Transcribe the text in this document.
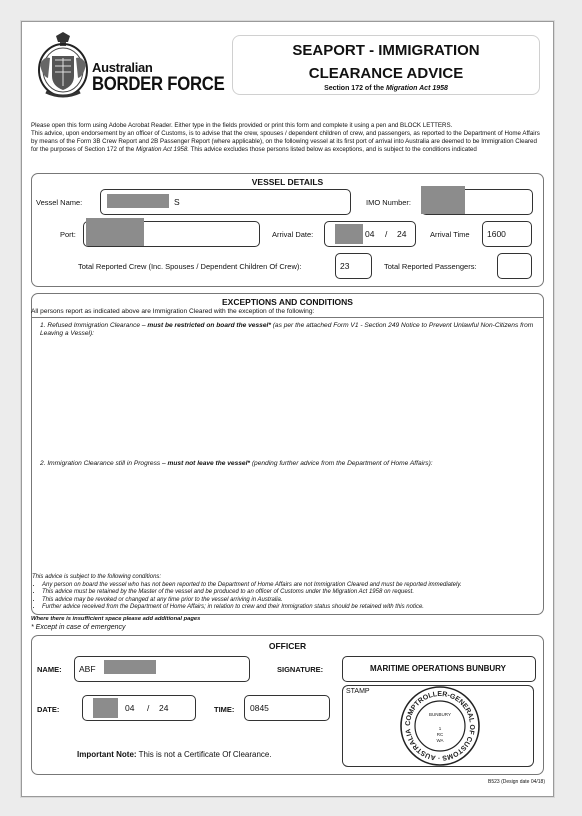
Australian
BORDER FORCE
SEAPORT - IMMIGRATION
CLEARANCE ADVICE
Section 172 of the Migration Act 1958
Please open this form using Adobe Acrobat Reader. Either type in the fields provided or print this form and complete it using a pen and BLOCK LETTERS.
This advice, upon endorsement by an officer of Customs, is to advise that the crew, spouses / dependent children of crew, and passengers, as reported to the Department of Home Affairs by means of the Form 3B Crew Report and 2B Passenger Report (where applicable), on the following vessel at its first port of arrival into Australia are deemed to be Immigration Cleared for the purposes of Section 172 of the Migration Act 1958. This advice excludes those persons listed below as exceptions, and is subject to the conditions indicated
VESSEL DETAILS
Vessel Name:	S	IMO Number:
Port:	Arrival Date:	04 / 24	Arrival Time 1600
Total Reported Crew (Inc. Spouses / Dependent Children Of Crew):	23	Total Reported Passengers:
EXCEPTIONS AND CONDITIONS
All persons report as indicated above are Immigration Cleared with the exception of the following:
1. Refused Immigration Clearance – must be restricted on board the vessel* (as per the attached Form V1 - Section 249 Notice to Prevent Unlawful Non-Citizens from Leaving a Vessel):
2. Immigration Clearance still in Progress – must not leave the vessel* (pending further advice from the Department of Home Affairs):
This advice is subject to the following conditions:
• Any person on board the vessel who has not been reported to the Department of Home Affairs are not Immigration Cleared and must be reported immediately.
• This advice must be retained by the Master of the vessel and be produced to an officer of Customs under the Migration Act 1958 on request.
• This advice may be revoked or changed at any time prior to the vessel arriving in Australia.
• Further advice received from the Department of Home Affairs; in relation to crew and their Immigration status should be retained with this notice.
Where there is insufficient space please add additional pages
* Except in case of emergency
OFFICER
NAME: ABF	SIGNATURE:	MARITIME OPERATIONS BUNBURY
DATE:	04 / 24	TIME: 0845
Important Note: This is not a Certificate Of Clearance.
STAMP
COMPTROLLER-GENERAL OF CUSTOMS · AUSTRALIA
BUNBURY
1
RC
WA
B523 (Design date 04/18)
